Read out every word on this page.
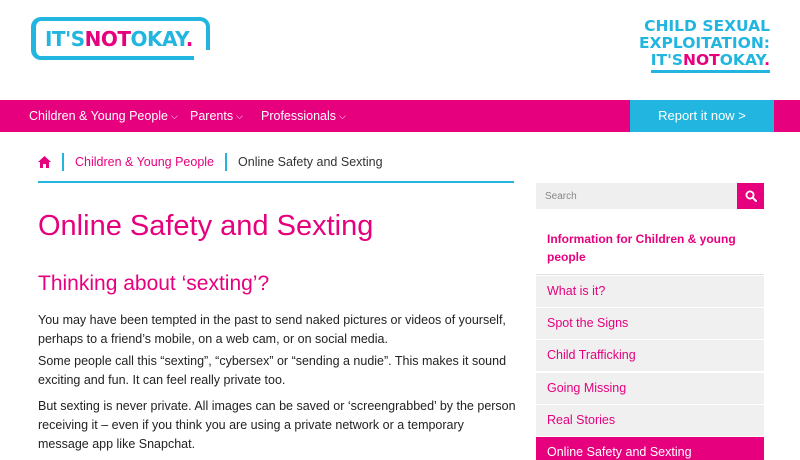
IT'SNOTOKAY.
CHILD SEXUAL
EXPLOITATION:
IT'SNOTOKAY.
Children & Young People ⌵ Parents ⌵ Professionals ⌵	Report it now >
Children & Young People Online Safety and Sexting
Online Safety and Sexting
Thinking about ‘sexting’?

You may have been tempted in the past to send naked pictures or videos of yourself, perhaps to a friend’s mobile, on a web cam, or on social media.

Some people call this “sexting”, “cybersex” or “sending a nudie”. This makes it sound exciting and fun. It can feel really private too.

But sexting is never private. All images can be saved or ‘screengrabbed’ by the person receiving it – even if you think you are using a private network or a temporary message app like Snapchat.

Search
Information for Children & young people
What is it?
Spot the Signs
Child Trafficking
Going Missing
Real Stories
Online Safety and Sexting
